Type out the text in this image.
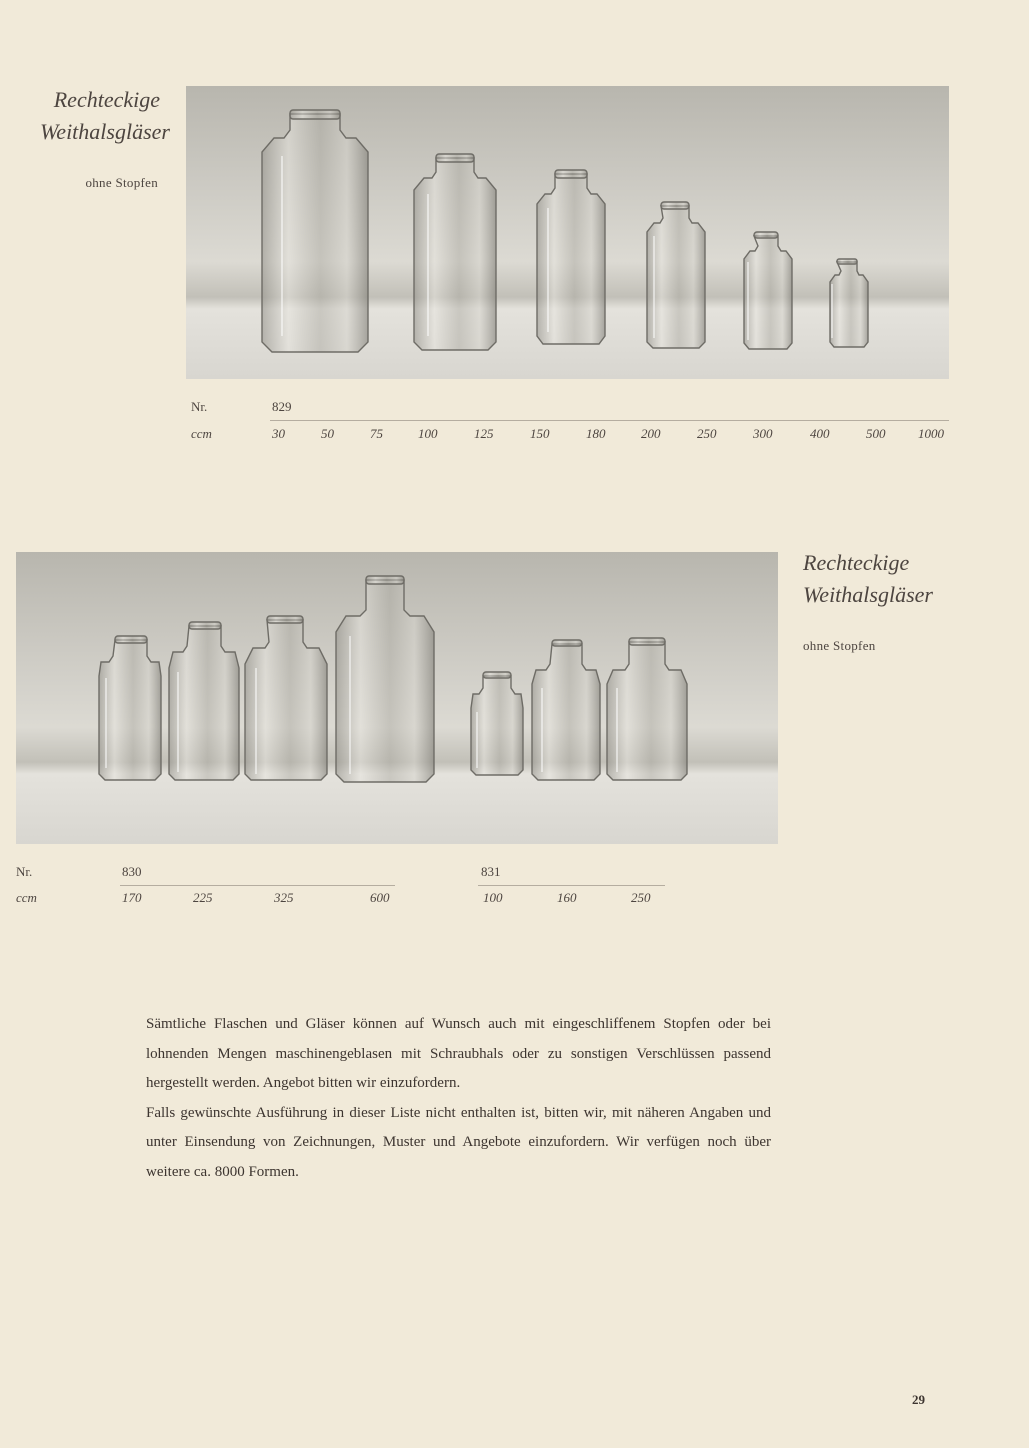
Rechteckige
Weithalsgläser
ohne Stopfen
Nr.	829
ccm	30	50	75	100	125	150	180	200	250	300	400	500	1000
Rechteckige
Weithalsgläser
ohne Stopfen
Nr.	830	831
ccm	170	225	325	600	100	160	250

Sämtliche Flaschen und Gläser können auf Wunsch auch mit eingeschliffenem Stopfen oder bei lohnenden Mengen maschinengeblasen mit Schraubhals oder zu sonstigen Verschlüssen passend hergestellt werden. Angebot bitten wir einzufordern.

Falls gewünschte Ausführung in dieser Liste nicht enthalten ist, bitten wir, mit näheren Angaben und unter Einsendung von Zeichnungen, Muster und Angebote einzufordern. Wir verfügen noch über weitere ca. 8000 Formen.

29
